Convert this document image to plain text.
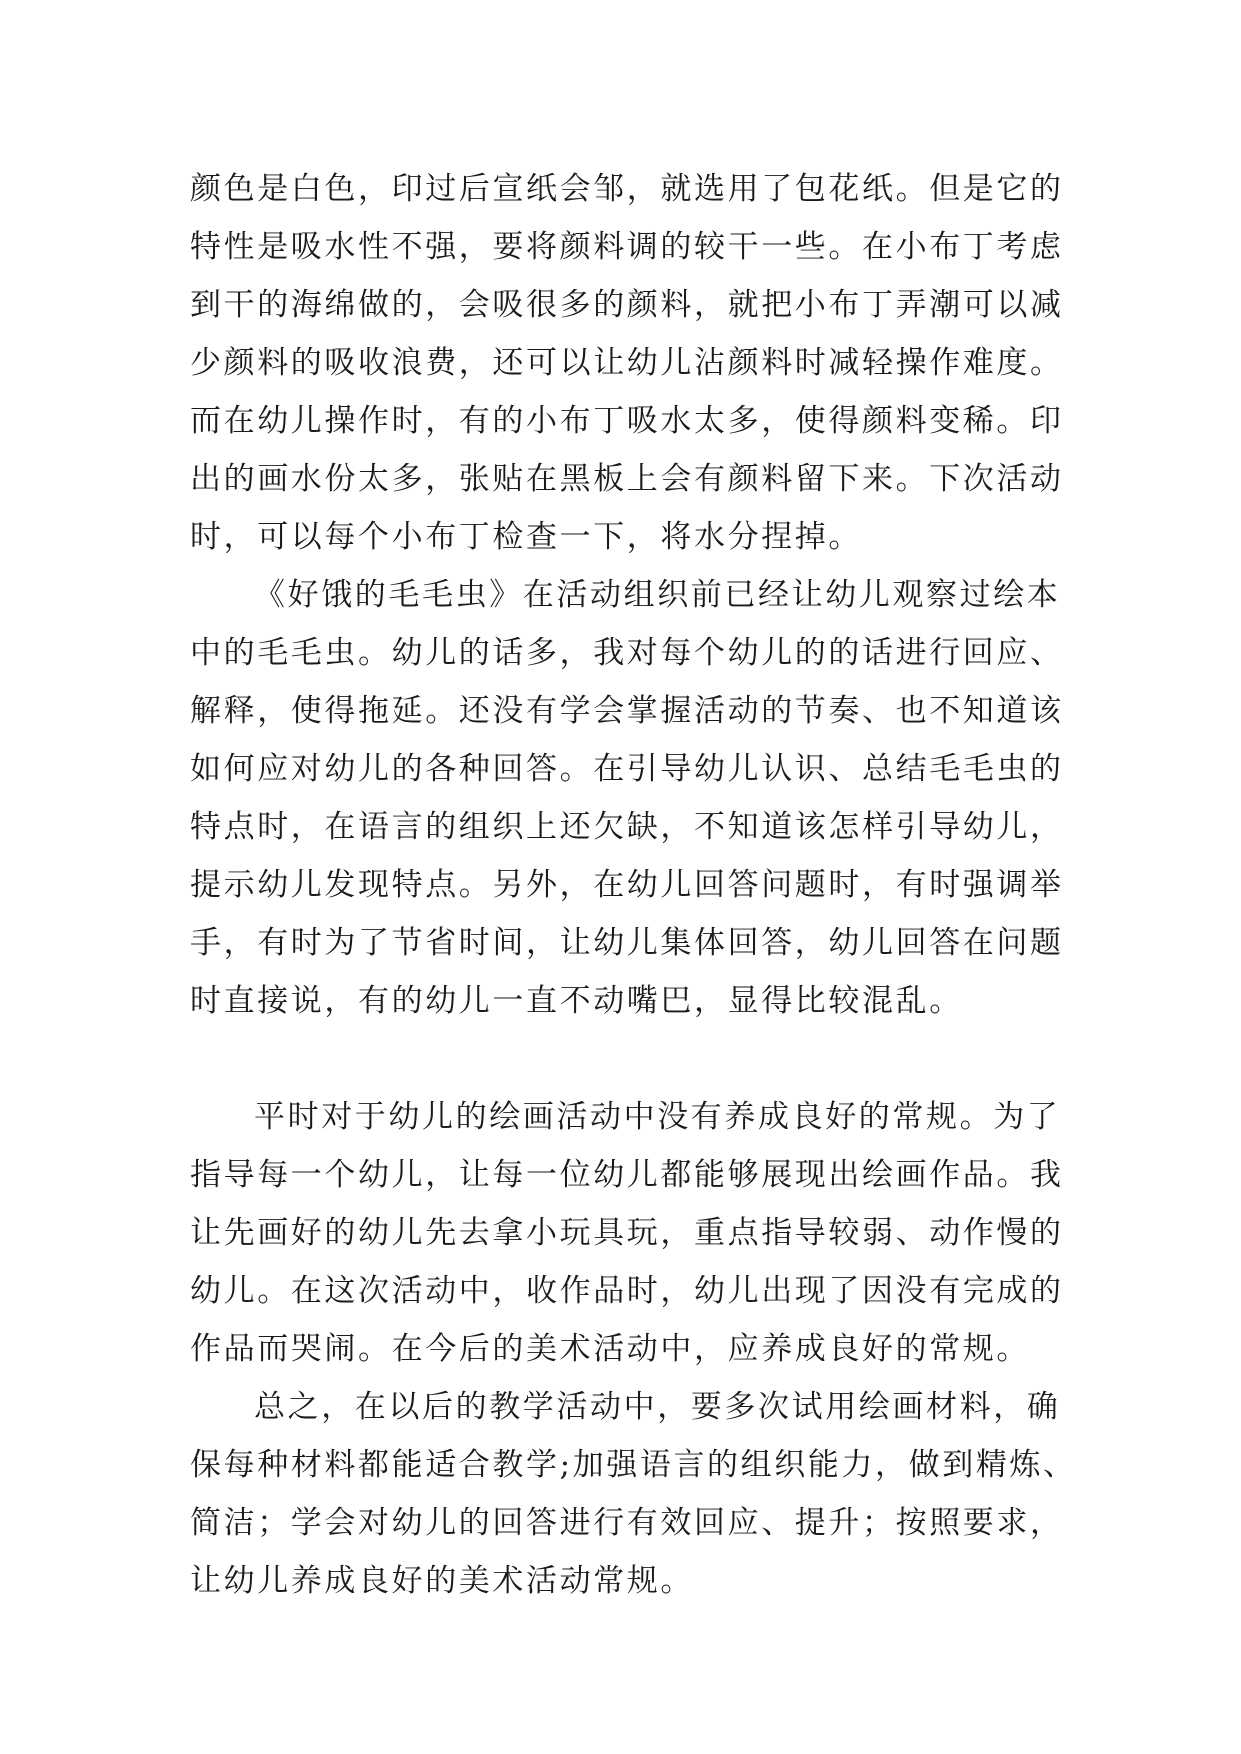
颜色是白色，印过后宣纸会邹，就选用了包花纸。但是它的
特性是吸水性不强，要将颜料调的较干一些。在小布丁考虑
到干的海绵做的，会吸很多的颜料，就把小布丁弄潮可以减
少颜料的吸收浪费，还可以让幼儿沾颜料时减轻操作难度。
而在幼儿操作时，有的小布丁吸水太多，使得颜料变稀。印
出的画水份太多，张贴在黑板上会有颜料留下来。下次活动
时，可以每个小布丁检查一下，将水分捏掉。
《好饿的毛毛虫》在活动组织前已经让幼儿观察过绘本
中的毛毛虫。幼儿的话多，我对每个幼儿的的话进行回应、
解释，使得拖延。还没有学会掌握活动的节奏、也不知道该
如何应对幼儿的各种回答。在引导幼儿认识、总结毛毛虫的
特点时，在语言的组织上还欠缺，不知道该怎样引导幼儿，
提示幼儿发现特点。另外，在幼儿回答问题时，有时强调举
手，有时为了节省时间，让幼儿集体回答，幼儿回答在问题
时直接说，有的幼儿一直不动嘴巴，显得比较混乱。
平时对于幼儿的绘画活动中没有养成良好的常规。为了
指导每一个幼儿，让每一位幼儿都能够展现出绘画作品。我
让先画好的幼儿先去拿小玩具玩，重点指导较弱、动作慢的
幼儿。在这次活动中，收作品时，幼儿出现了因没有完成的
作品而哭闹。在今后的美术活动中，应养成良好的常规。
总之，在以后的教学活动中，要多次试用绘画材料，确
保每种材料都能适合教学;加强语言的组织能力，做到精炼、
简洁；学会对幼儿的回答进行有效回应、提升；按照要求，
让幼儿养成良好的美术活动常规。
